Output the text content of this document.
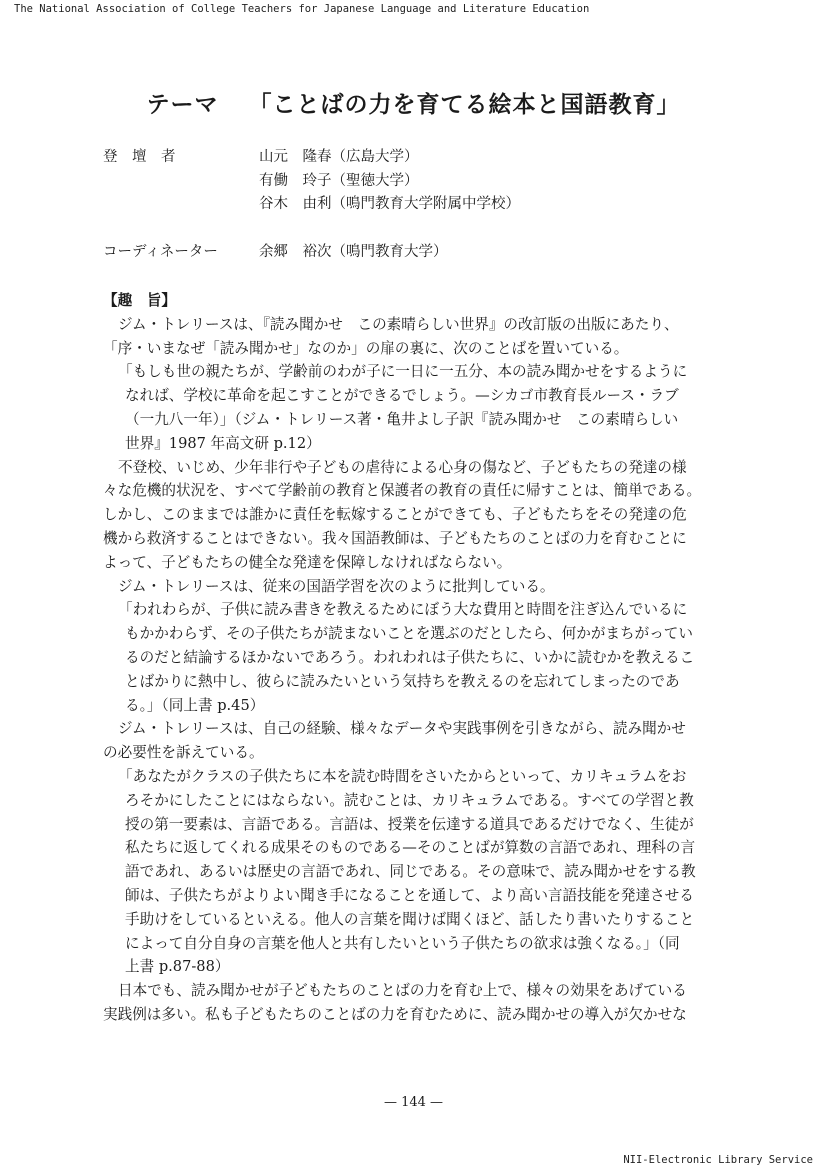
The National Association of College Teachers for Japanese Language and Literature Education
テーマ 「ことばの力を育てる絵本と国語教育」
登　壇　者	山元　隆春（広島大学）
有働　玲子（聖徳大学）
谷木　由利（鳴門教育大学附属中学校）
コーディネーター	余郷　裕次（鳴門教育大学）

【趣　旨】

ジム・トレリースは、『読み聞かせ　この素晴らしい世界』の改訂版の出版にあたり、

「序・いまなぜ「読み聞かせ」なのか」の扉の裏に、次のことばを置いている。

「もしも世の親たちが、学齢前のわが子に一日に一五分、本の読み聞かせをするように

なれば、学校に革命を起こすことができるでしょう。—シカゴ市教育長ルース・ラブ

（一九八一年）」（ジム・トレリース著・亀井よし子訳『読み聞かせ　この素晴らしい

世界』1987 年高文研 p.12）

不登校、いじめ、少年非行や子どもの虐待による心身の傷など、子どもたちの発達の様

々な危機的状況を、すべて学齢前の教育と保護者の教育の責任に帰すことは、簡単である。

しかし、このままでは誰かに責任を転嫁することができても、子どもたちをその発達の危

機から救済することはできない。我々国語教師は、子どもたちのことばの力を育むことに

よって、子どもたちの健全な発達を保障しなければならない。

ジム・トレリースは、従来の国語学習を次のように批判している。

「われわらが、子供に読み書きを教えるためにぼう大な費用と時間を注ぎ込んでいるに

もかかわらず、その子供たちが読まないことを選ぶのだとしたら、何かがまちがってい

るのだと結論するほかないであろう。われわれは子供たちに、いかに読むかを教えるこ

とばかりに熱中し、彼らに読みたいという気持ちを教えるのを忘れてしまったのであ

る。」（同上書 p.45）

ジム・トレリースは、自己の経験、様々なデータや実践事例を引きながら、読み聞かせ

の必要性を訴えている。

「あなたがクラスの子供たちに本を読む時間をさいたからといって、カリキュラムをお

ろそかにしたことにはならない。読むことは、カリキュラムである。すべての学習と教

授の第一要素は、言語である。言語は、授業を伝達する道具であるだけでなく、生徒が

私たちに返してくれる成果そのものである—そのことばが算数の言語であれ、理科の言

語であれ、あるいは歴史の言語であれ、同じである。その意味で、読み聞かせをする教

師は、子供たちがよりよい聞き手になることを通して、より高い言語技能を発達させる

手助けをしているといえる。他人の言葉を聞けば聞くほど、話したり書いたりすること

によって自分自身の言葉を他人と共有したいという子供たちの欲求は強くなる。」（同

上書 p.87-88）

日本でも、読み聞かせが子どもたちのことばの力を育む上で、様々の効果をあげている

実践例は多い。私も子どもたちのことばの力を育むために、読み聞かせの導入が欠かせな

— 144 —
NII-Electronic Library Service
